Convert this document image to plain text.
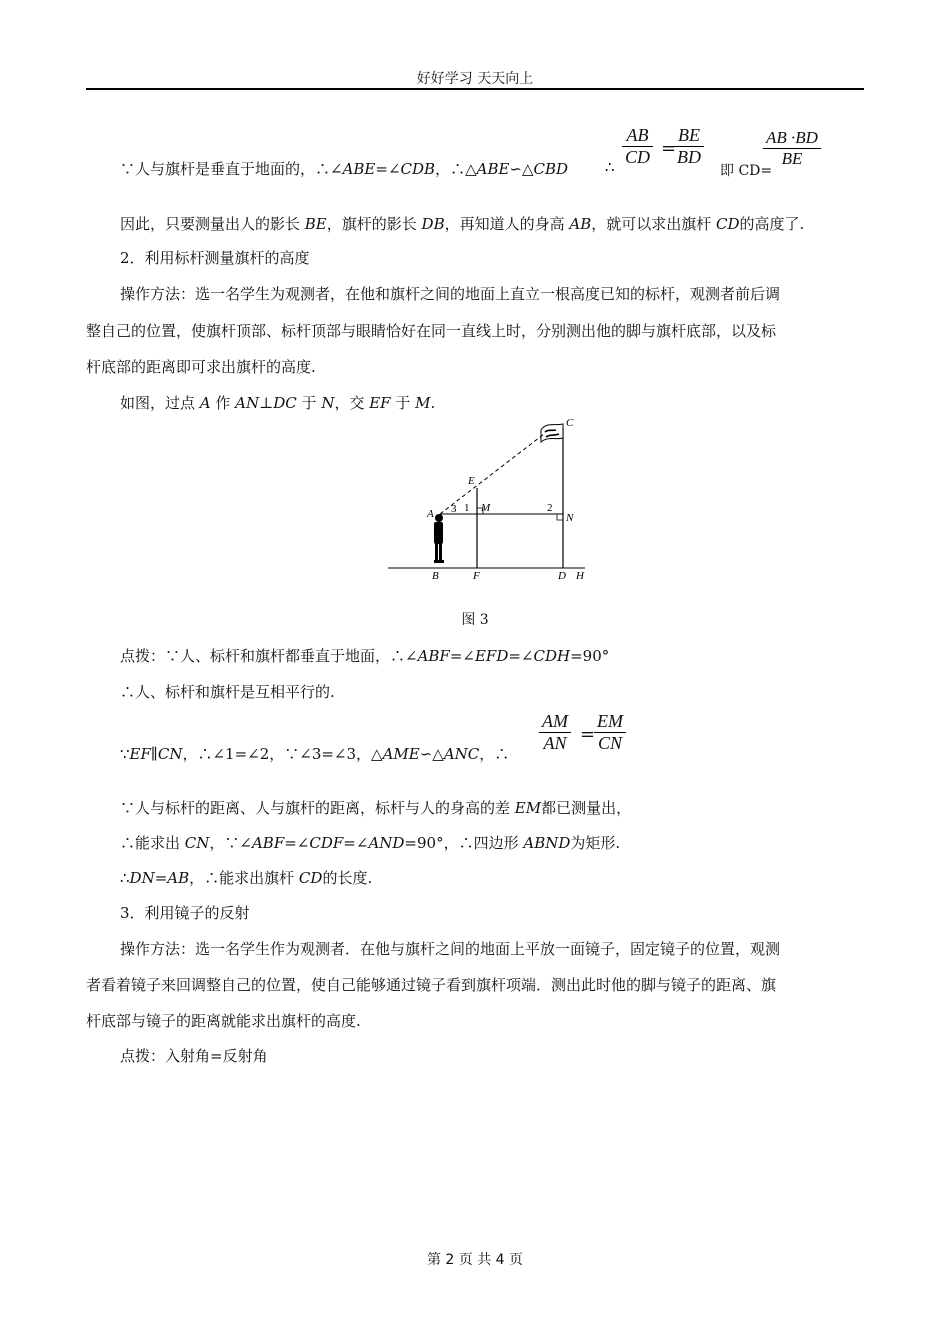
好好学习 天天向上
∵人与旗杆是垂直于地面的，∴∠ABE=∠CDB，∴△ABE∽△CBD ∴
AB
CD =
BE
BD
即 CD=
AB ·BD
BE
因此，只要测量出人的影长 BE，旗杆的影长 DB，再知道人的身高 AB，就可以求出旗杆 CD的高度了.
2．利用标杆测量旗杆的高度
操作方法：选一名学生为观测者，在他和旗杆之间的地面上直立一根高度已知的标杆，观测者前后调
整自己的位置，使旗杆顶部、标杆顶部与眼睛恰好在同一直线上时，分别测出他的脚与旗杆底部，以及标
杆底部的距离即可求出旗杆的高度.
如图，过点 A 作 AN⊥DC 于 N，交 EF 于 M.
C
E
A 3 1 M	2
N
B	F	D H
图 3
点拨：∵人、标杆和旗杆都垂直于地面，∴∠ABF=∠EFD=∠CDH=90°
∴人、标杆和旗杆是互相平行的.
∵EF∥CN，∴∠1=∠2，∵∠3=∠3，△AME∽△ANC，∴
AM
AN =
EM
CN
∵人与标杆的距离、人与旗杆的距离，标杆与人的身高的差 EM都已测量出，
∴能求出 CN，∵∠ABF=∠CDF=∠AND=90°，∴四边形 ABND为矩形.
∴DN=AB，∴能求出旗杆 CD的长度.
3．利用镜子的反射
操作方法：选一名学生作为观测者．在他与旗杆之间的地面上平放一面镜子，固定镜子的位置，观测
者看着镜子来回调整自己的位置，使自己能够通过镜子看到旗杆项端．测出此时他的脚与镜子的距离、旗
杆底部与镜子的距离就能求出旗杆的高度.
点拨：入射角=反射角
第 2 页 共 4 页
